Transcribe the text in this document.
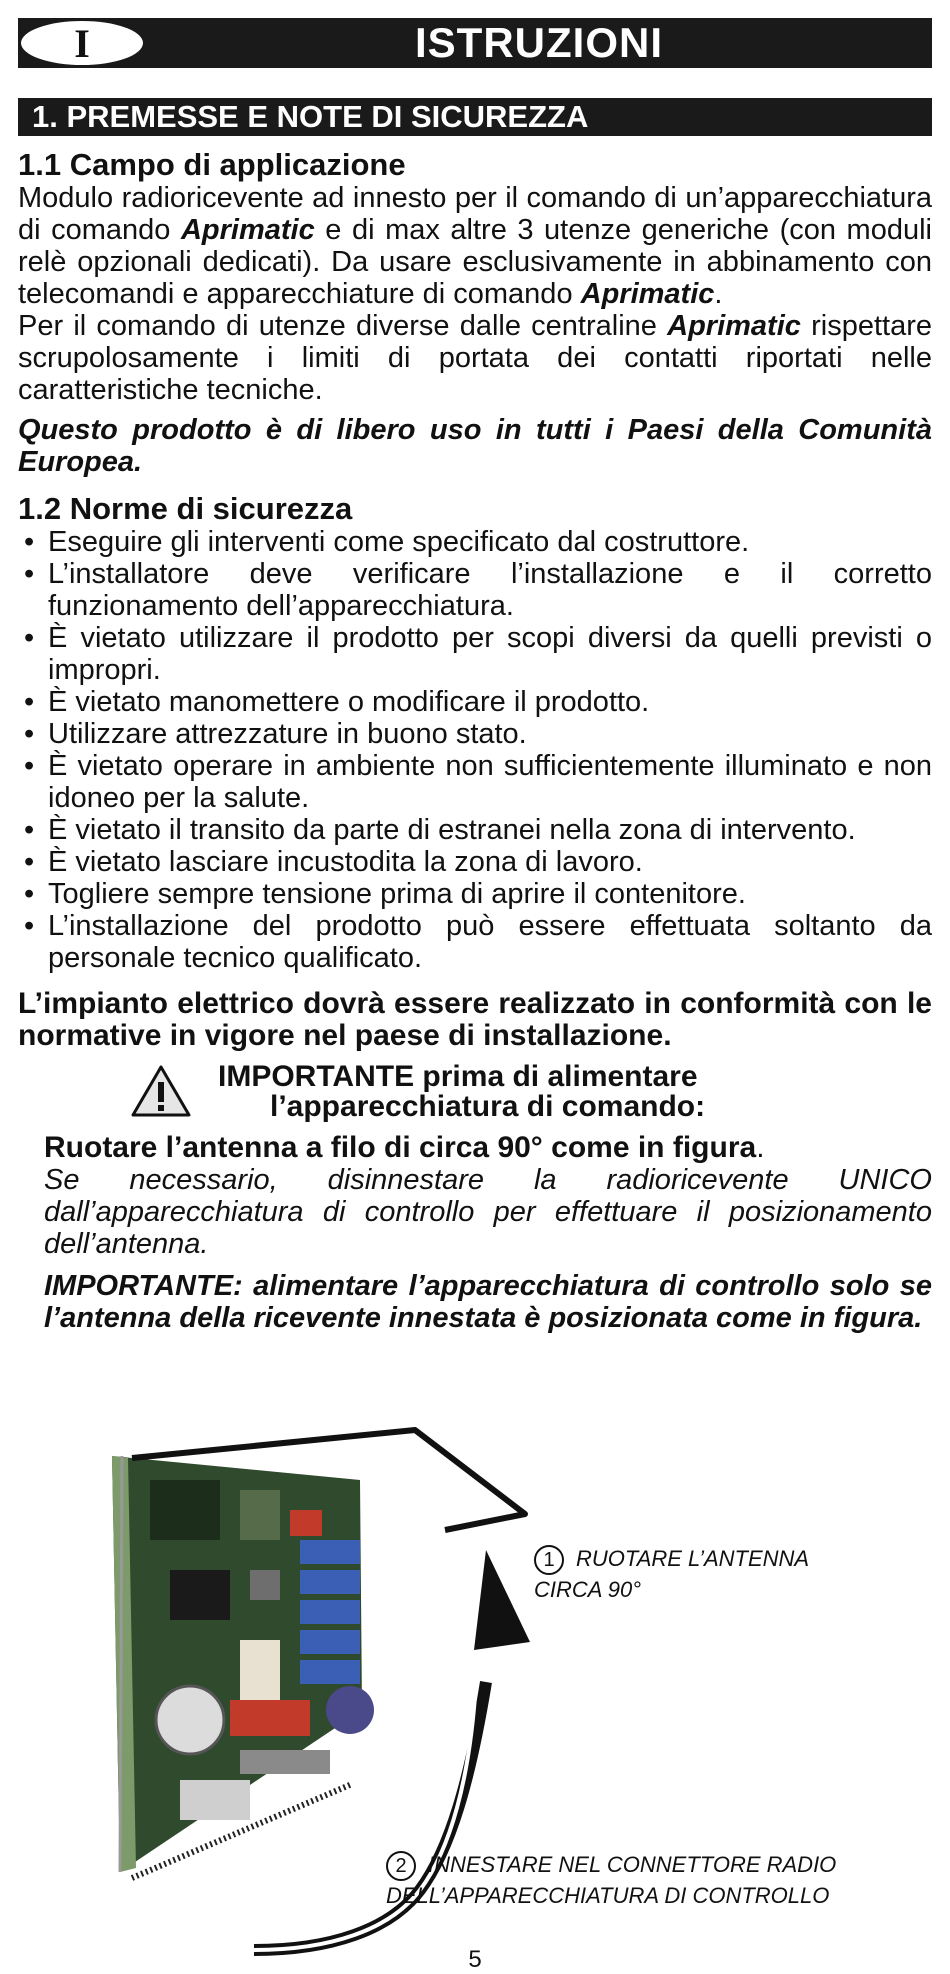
I	ISTRUZIONI
1. PREMESSE E NOTE DI SICUREZZA
1.1 Campo di applicazione

Modulo radioricevente ad innesto per il comando di un’apparecchiatura di comando Aprimatic e di max altre 3 utenze generiche (con moduli relè opzionali dedicati). Da usare esclusivamente in abbinamento con telecomandi e apparecchiature di comando Aprimatic.

Per il comando di utenze diverse dalle centraline Aprimatic rispettare scrupolosamente i limiti di portata dei contatti riportati nelle caratteristiche tecniche.

Questo prodotto è di libero uso in tutti i Paesi della Comunità Europea.

1.2 Norme di sicurezza
• Eseguire gli interventi come specificato dal costruttore.
• L’installatore deve verificare l’installazione e il corretto funzionamento dell’apparecchiatura.
• È vietato utilizzare il prodotto per scopi diversi da quelli previsti o impropri.
• È vietato manomettere o modificare il prodotto.
• Utilizzare attrezzature in buono stato.
• È vietato operare in ambiente non sufficientemente illuminato e non idoneo per la salute.
• È vietato il transito da parte di estranei nella zona di intervento.
• È vietato lasciare incustodita la zona di lavoro.
• Togliere sempre tensione prima di aprire il contenitore.
• L’installazione del prodotto può essere effettuata soltanto da personale tecnico qualificato.

L’impianto elettrico dovrà essere realizzato in conformità con le normative in vigore nel paese di installazione.

IMPORTANTE prima di alimentare
l’apparecchiatura di comando:

Ruotare l’antenna a filo di circa 90° come in figura.

Se necessario, disinnestare la radioricevente UNICO dall’apparecchiatura di controllo per effettuare il posizionamento dell’antenna.

IMPORTANTE: alimentare l’apparecchiatura di controllo solo se l’antenna della ricevente innestata è posizionata come in figura.

1 RUOTARE L’ANTENNA
CIRCA 90°
2 INNESTARE NEL CONNETTORE RADIO
DELL’APPARECCHIATURA DI CONTROLLO
5
